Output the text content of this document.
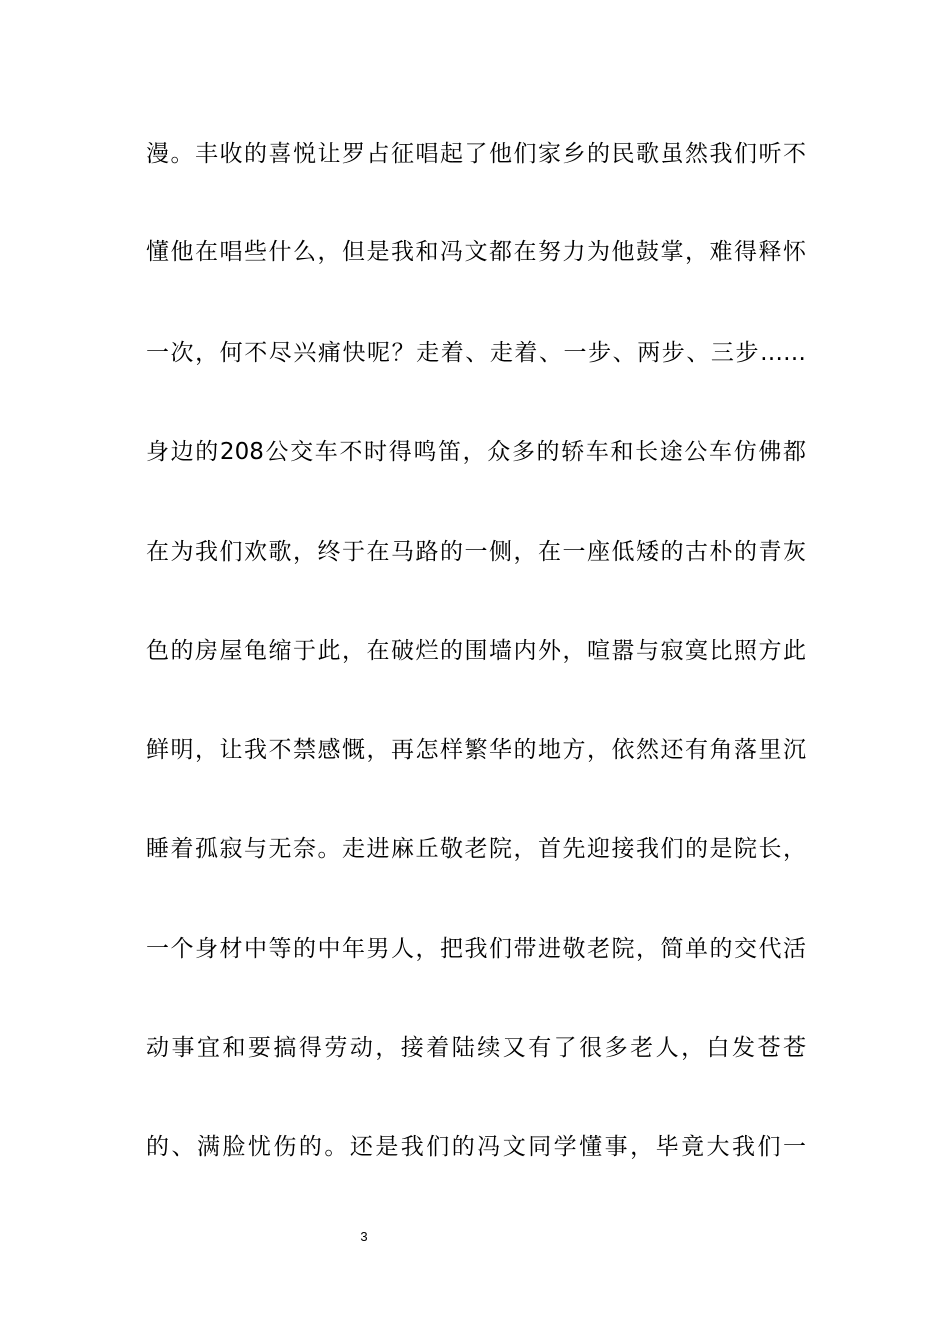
漫。丰收的喜悦让罗占征唱起了他们家乡的民歌虽然我们听不
懂他在唱些什么，但是我和冯文都在努力为他鼓掌，难得释怀
一次，何不尽兴痛快呢？走着、走着、一步、两步、三步……
身边的208公交车不时得鸣笛，众多的轿车和长途公车仿佛都
在为我们欢歌，终于在马路的一侧，在一座低矮的古朴的青灰
色的房屋龟缩于此，在破烂的围墙内外，喧嚣与寂寞比照方此
鲜明，让我不禁感慨，再怎样繁华的地方，依然还有角落里沉
睡着孤寂与无奈。走进麻丘敬老院，首先迎接我们的是院长，
一个身材中等的中年男人，把我们带进敬老院，简单的交代活
动事宜和要搞得劳动，接着陆续又有了很多老人，白发苍苍
的、满脸忧伤的。还是我们的冯文同学懂事，毕竟大我们一
3
